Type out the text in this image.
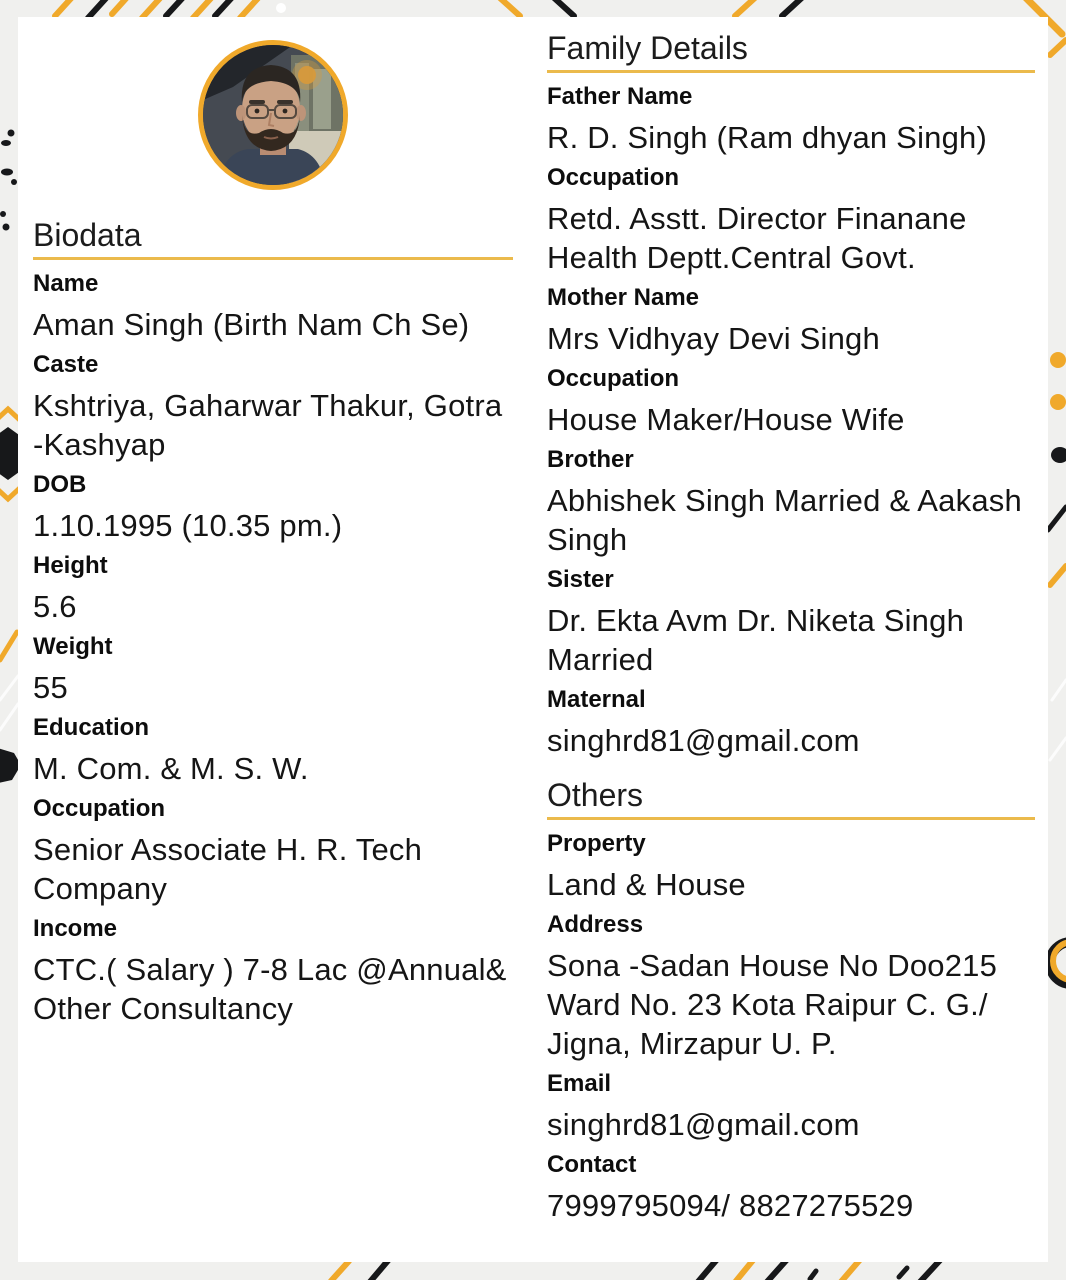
Biodata
Name
Aman Singh (Birth Nam Ch Se)
Caste
Kshtriya, Gaharwar Thakur, Gotra -Kashyap
DOB
1.10.1995 (10.35 pm.)
Height
5.6
Weight
55
Education
M. Com. & M. S. W.
Occupation
Senior Associate H. R. Tech Company
Income
CTC.( Salary ) 7-8 Lac @Annual& Other Consultancy
Family Details
Father Name
R. D. Singh (Ram dhyan Singh)
Occupation
Retd. Asstt. Director Finanane Health Deptt.Central Govt.
Mother Name
Mrs Vidhyay Devi Singh
Occupation
House Maker/House Wife
Brother
Abhishek Singh Married & Aakash Singh
Sister
Dr. Ekta Avm Dr. Niketa Singh Married
Maternal
singhrd81@gmail.com
Others
Property
Land & House
Address
Sona -Sadan House No Doo215 Ward No. 23 Kota Raipur C. G./ Jigna, Mirzapur U. P.
Email
singhrd81@gmail.com
Contact
7999795094/ 8827275529
